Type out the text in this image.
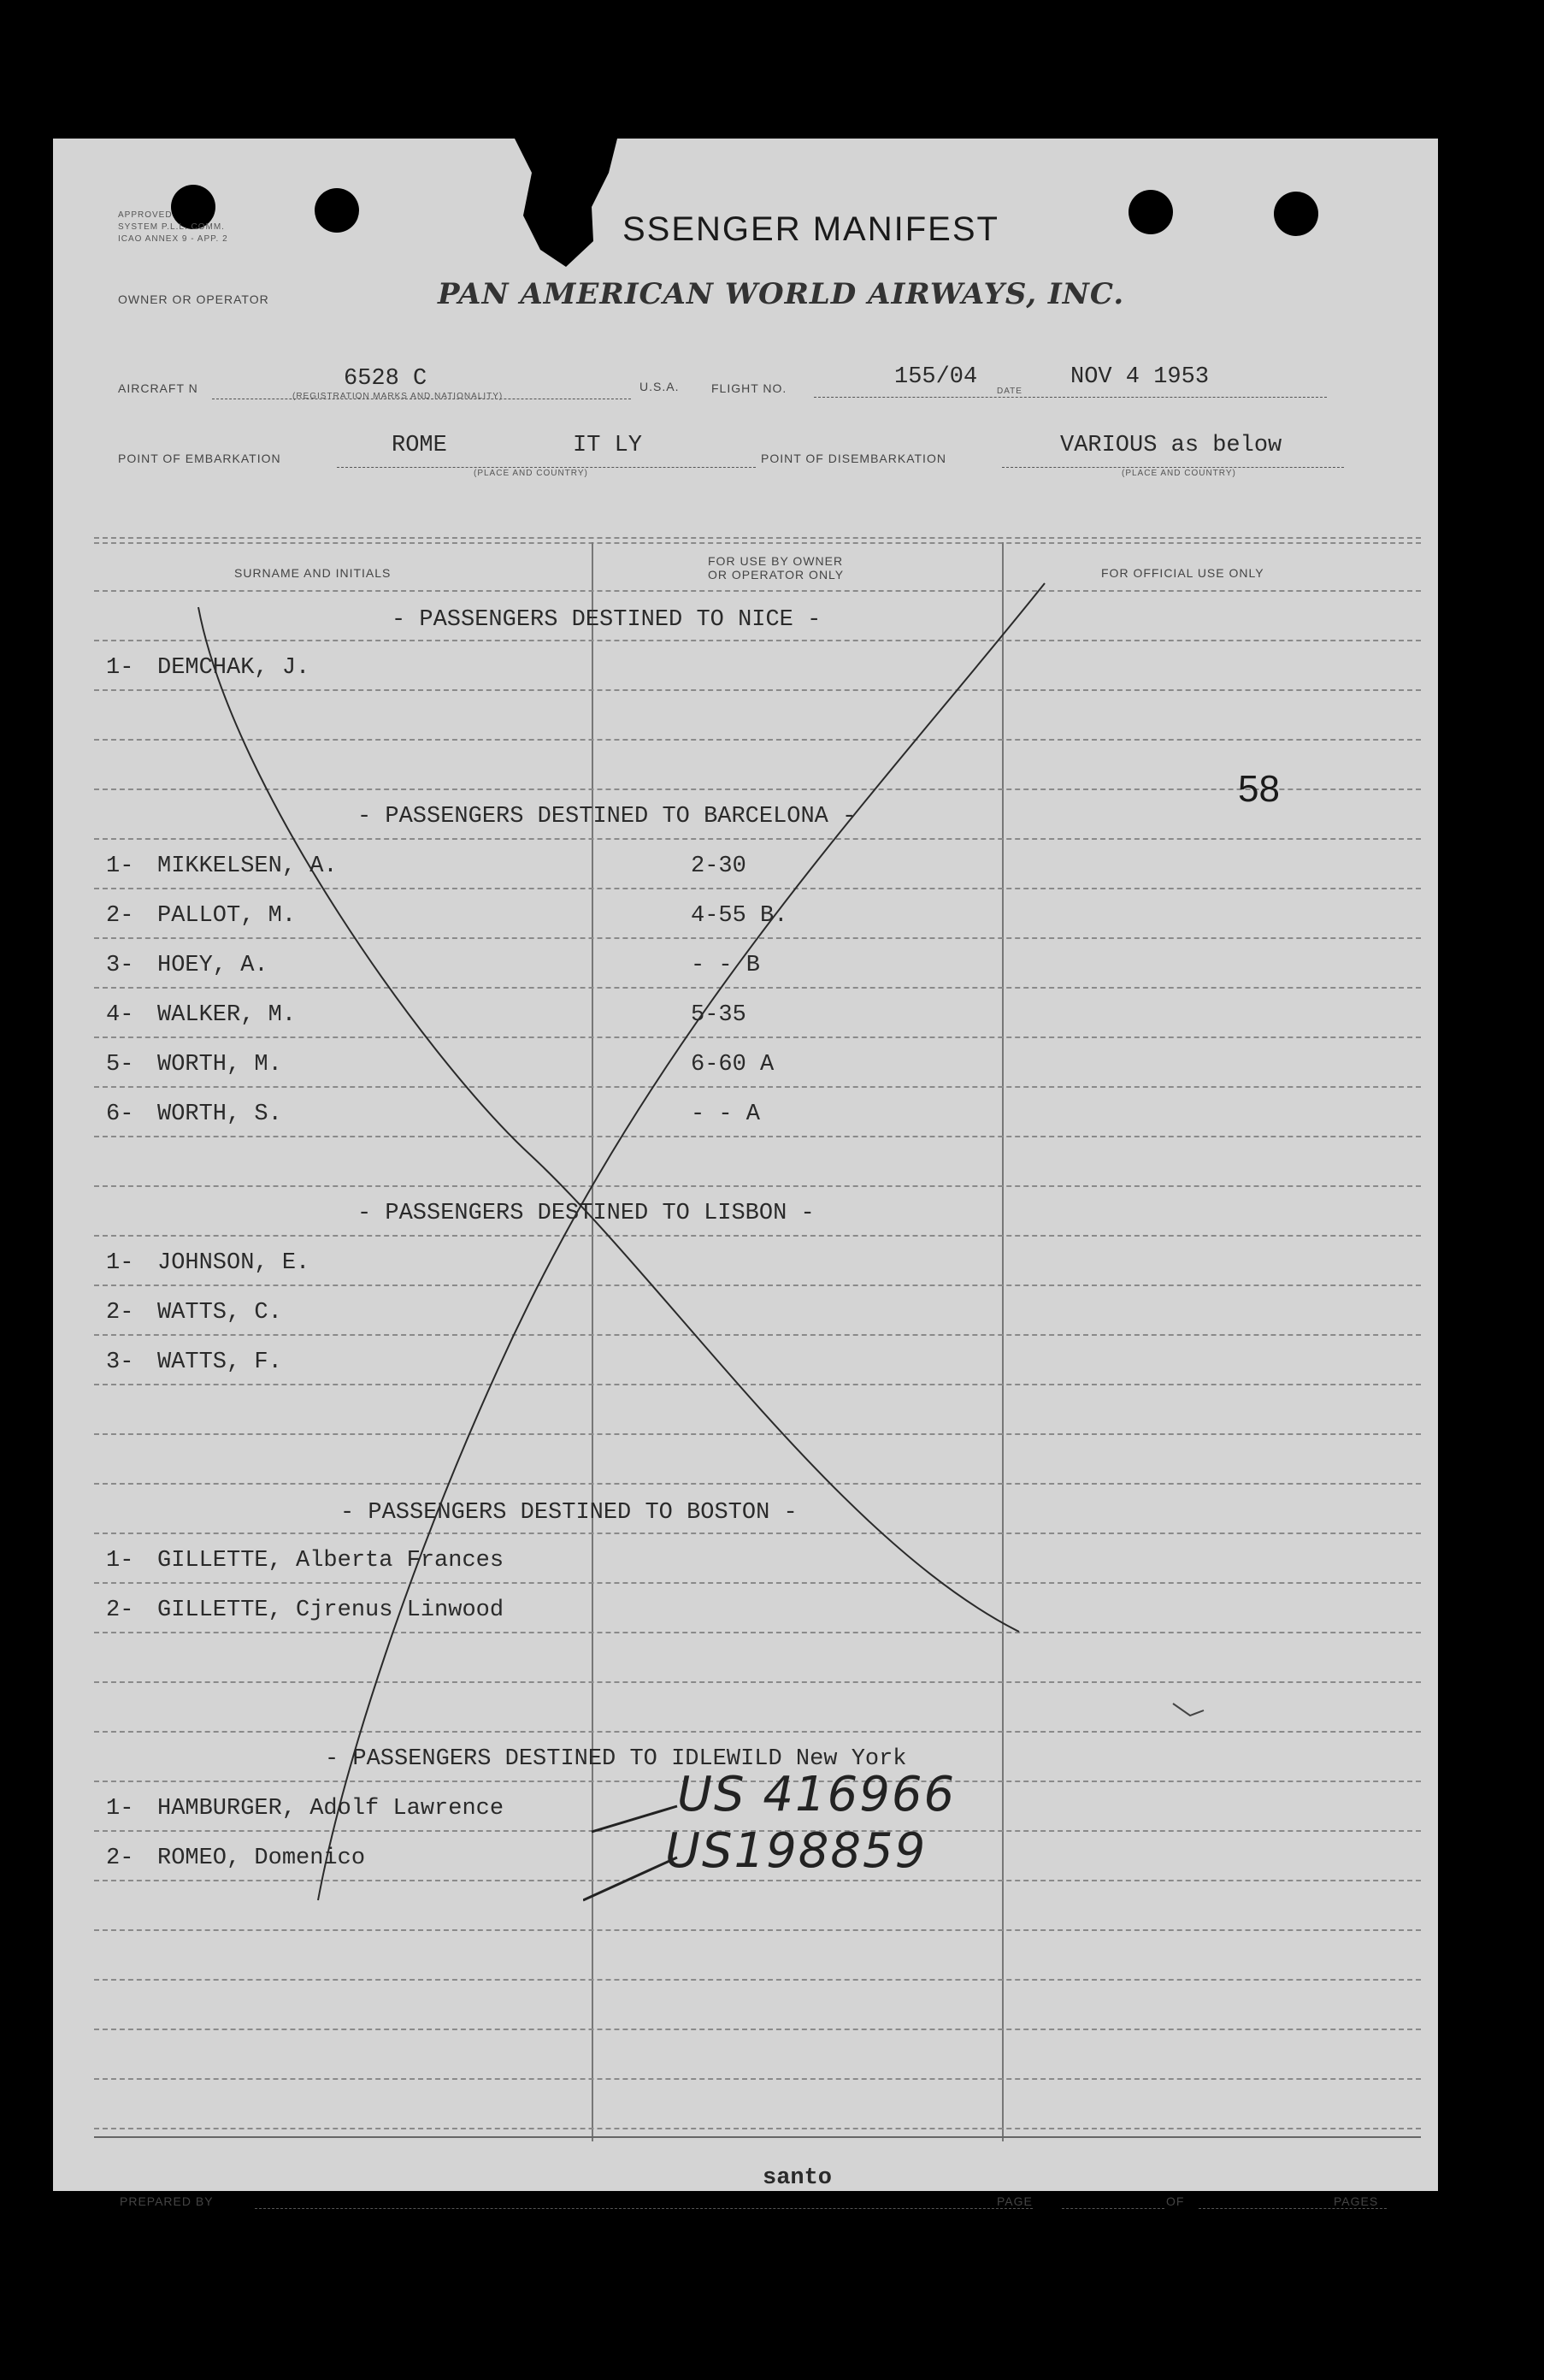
APPROVED
SYSTEM P.L.L. COMM.
ICAO ANNEX 9 - APP. 2	SSENGER MANIFEST
OWNER OR OPERATOR	PAN AMERICAN WORLD AIRWAYS, INC.
AIRCRAFT N	6528 C
(REGISTRATION MARKS AND NATIONALITY)
U.S.A.	FLIGHT NO.	155/04
DATE
NOV 4 1953
POINT OF EMBARKATION	ROME	IT LY
(PLACE AND COUNTRY)
POINT OF DISEMBARKATION	VARIOUS as below
(PLACE AND COUNTRY)
SURNAME AND INITIALS
FOR USE BY OWNER
OR OPERATOR ONLY	FOR OFFICIAL USE ONLY
- PASSENGERS DESTINED TO NICE -
1- DEMCHAK, J.
58
- PASSENGERS DESTINED TO BARCELONA -
1- MIKKELSEN, A.	2-30
2- PALLOT, M.	4-55 B.
3- HOEY, A.	- - B
4- WALKER, M.	5-35
5- WORTH, M.	6-60 A
6- WORTH, S.	- - A
- PASSENGERS DESTINED TO LISBON -
1- JOHNSON, E.
2- WATTS, C.
3- WATTS, F.
- PASSENGERS DESTINED TO BOSTON -
1- GILLETTE, Alberta Frances
2- GILLETTE, Cjrenus Linwood
- PASSENGERS DESTINED TO IDLEWILD New York
1- HAMBURGER, Adolf Lawrence
2- ROMEO, Domenico
US 416966
US198859
PREPARED BY
santo
PAGE	OF	PAGES
